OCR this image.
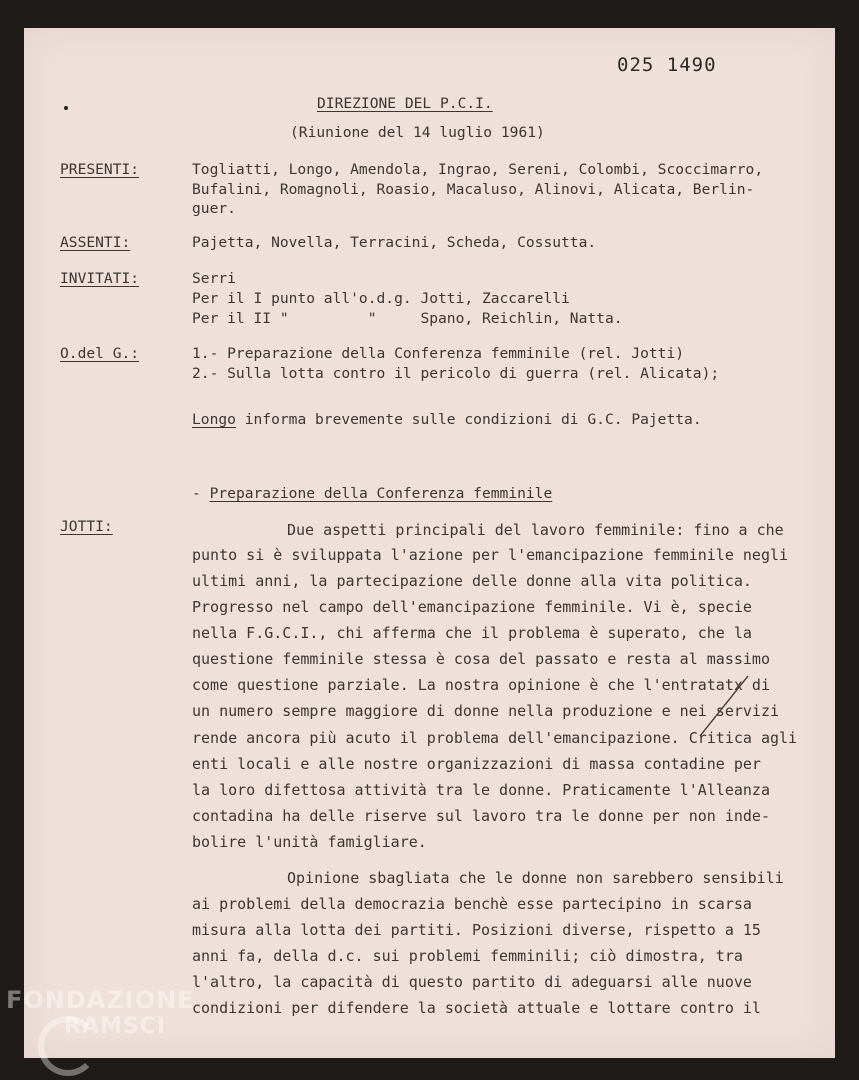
025 1490
DIREZIONE DEL P.C.I.
(Riunione del 14 luglio 1961)
PRESENTI:	Togliatti, Longo, Amendola, Ingrao, Sereni, Colombi, Scoccimarro,
Bufalini, Romagnoli, Roasio, Macaluso, Alinovi, Alicata, Berlin-
guer.
ASSENTI:	Pajetta, Novella, Terracini, Scheda, Cossutta.
INVITATI:	Serri
Per il I punto all'o.d.g. Jotti, Zaccarelli
Per il II "         "     Spano, Reichlin, Natta.
O.del G.:	1.- Preparazione della Conferenza femminile (rel. Jotti)
2.- Sulla lotta contro il pericolo di guerra (rel. Alicata);
Longo informa brevemente sulle condizioni di G.C. Pajetta.
- Preparazione della Conferenza femminile
JOTTI:	Due aspetti principali del lavoro femminile: fino a che
punto si è sviluppata l'azione per l'emancipazione femminile negli
ultimi anni, la partecipazione delle donne alla vita politica.
Progresso nel campo dell'emancipazione femminile. Vi è, specie
nella F.G.C.I., chi afferma che il problema è superato, che la
questione femminile stessa è cosa del passato e resta al massimo
come questione parziale. La nostra opinione è che l'entratatx di
un numero sempre maggiore di donne nella produzione e nei servizi
rende ancora più acuto il problema dell'emancipazione. Critica agli
enti locali e alle nostre organizzazioni di massa contadine per
la loro difettosa attività tra le donne. Praticamente l'Alleanza
contadina ha delle riserve sul lavoro tra le donne per non inde-
bolire l'unità famigliare.
Opinione sbagliata che le donne non sarebbero sensibili
ai problemi della democrazia benchè esse partecipino in scarsa
misura alla lotta dei partiti. Posizioni diverse, rispetto a 15
anni fa, della d.c. sui problemi femminili; ciò dimostra, tra
l'altro, la capacità di questo partito di adeguarsi alle nuove
condizioni per difendere la società attuale e lottare contro il
FONDAZIONE
RAMSCI
